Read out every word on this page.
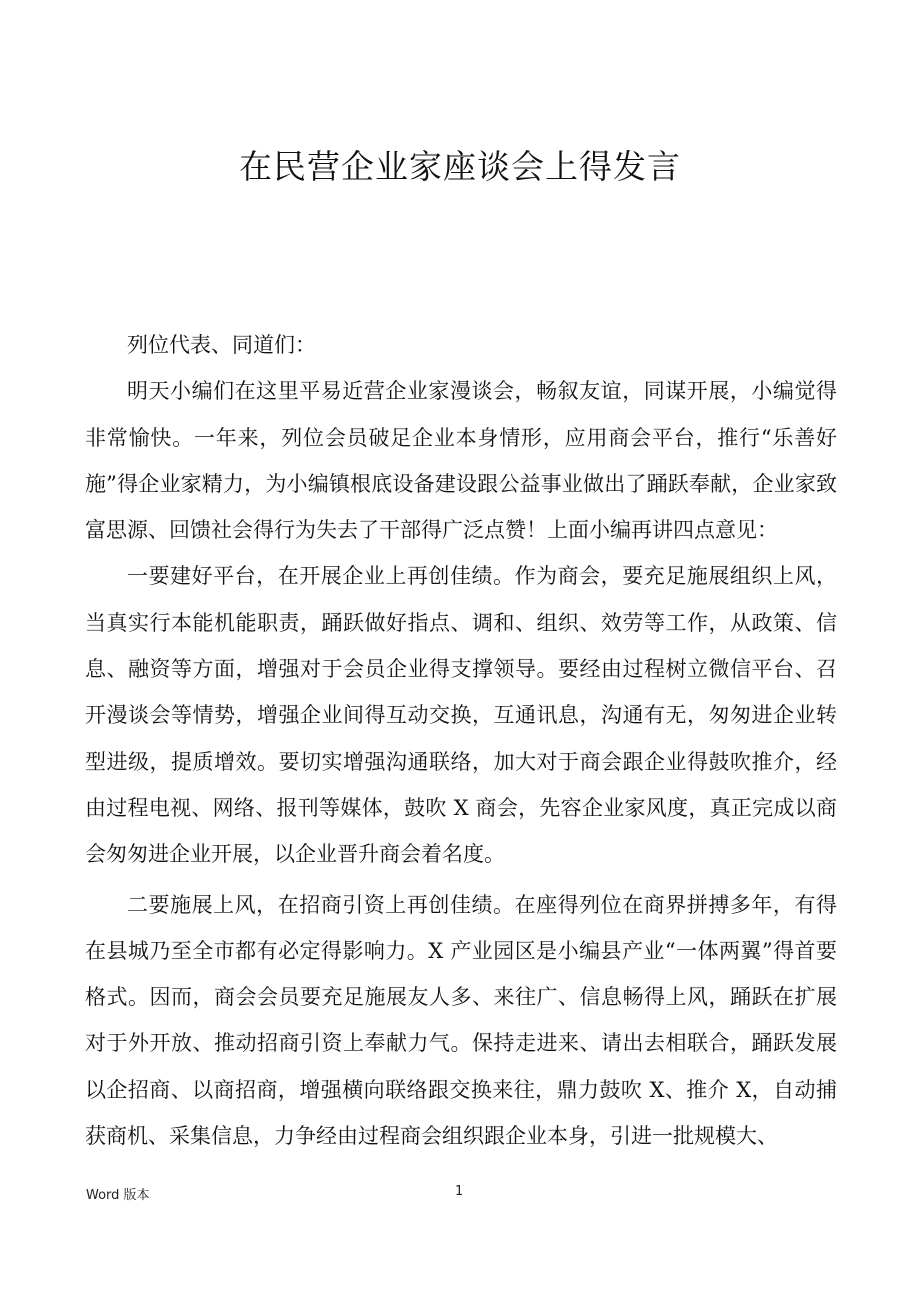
在民营企业家座谈会上得发言

列位代表、同道们：

明天小编们在这里平易近营企业家漫谈会，畅叙友谊，同谋开展，小编觉得非常愉快。一年来，列位会员破足企业本身情形，应用商会平台，推行“乐善好施”得企业家精力，为小编镇根底设备建设跟公益事业做出了踊跃奉献，企业家致富思源、回馈社会得行为失去了干部得广泛点赞！上面小编再讲四点意见：

一要建好平台，在开展企业上再创佳绩。作为商会，要充足施展组织上风，当真实行本能机能职责，踊跃做好指点、调和、组织、效劳等工作，从政策、信息、融资等方面，增强对于会员企业得支撑领导。要经由过程树立微信平台、召开漫谈会等情势，增强企业间得互动交换，互通讯息，沟通有无，匆匆进企业转型进级，提质增效。要切实增强沟通联络，加大对于商会跟企业得鼓吹推介，经由过程电视、网络、报刊等媒体，鼓吹 X 商会，先容企业家风度，真正完成以商会匆匆进企业开展，以企业晋升商会着名度。

二要施展上风，在招商引资上再创佳绩。在座得列位在商界拼搏多年，有得在县城乃至全市都有必定得影响力。X 产业园区是小编县产业“一体两翼”得首要格式。因而，商会会员要充足施展友人多、来往广、信息畅得上风，踊跃在扩展对于外开放、推动招商引资上奉献力气。保持走进来、请出去相联合，踊跃发展以企招商、以商招商，增强横向联络跟交换来往，鼎力鼓吹 X、推介 X，自动捕获商机、采集信息，力争经由过程商会组织跟企业本身，引进一批规模大、

Word 版本	1
